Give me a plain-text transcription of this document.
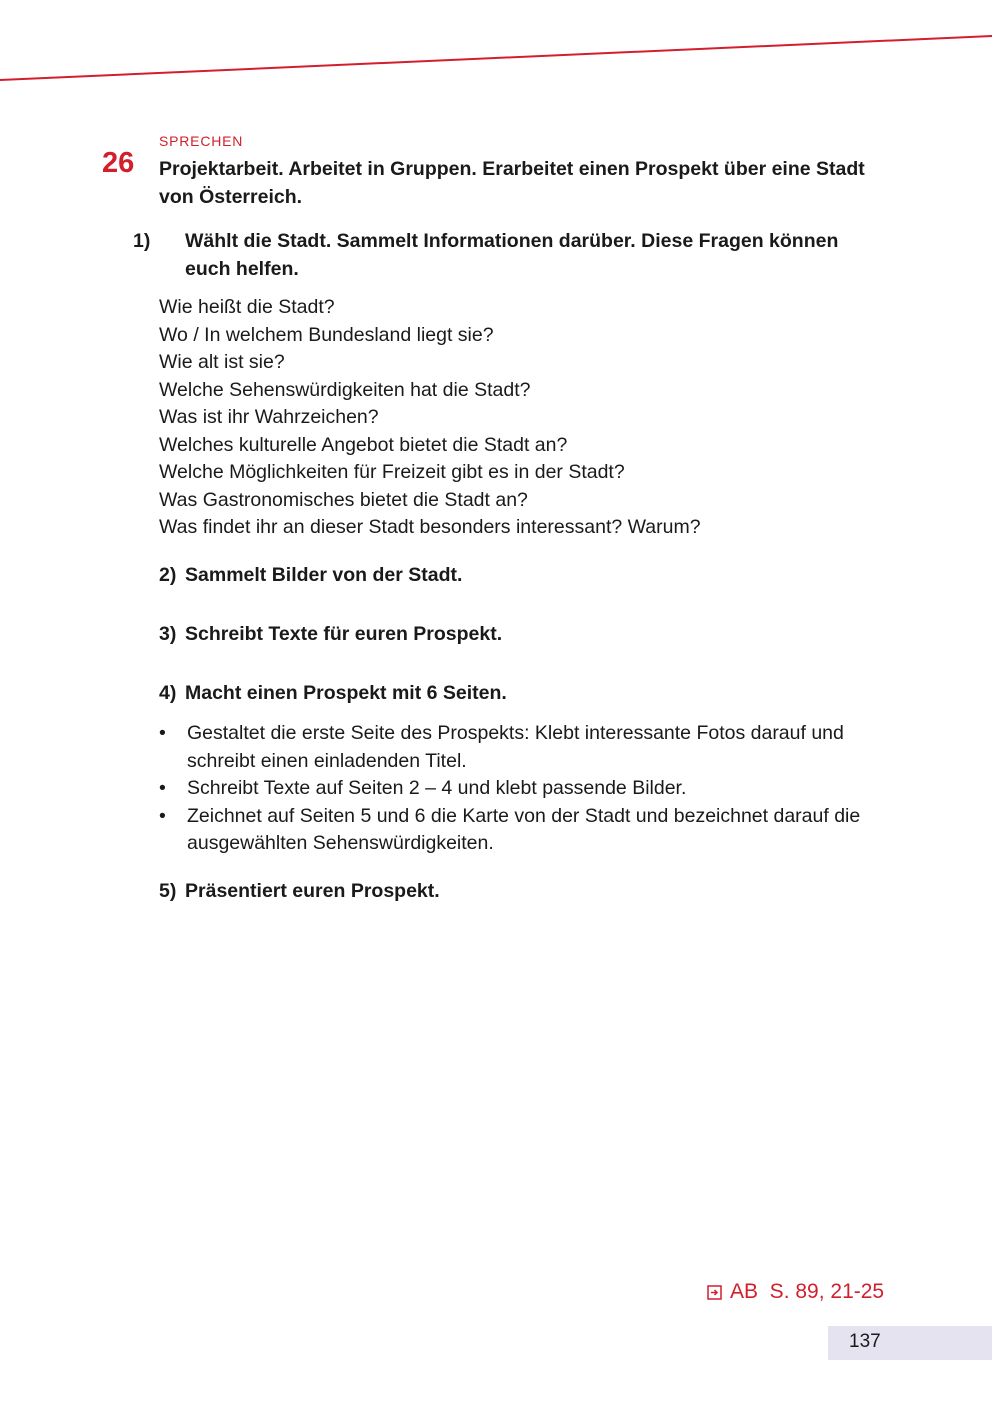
SPRECHEN
26 Projektarbeit. Arbeitet in Gruppen. Erarbeitet einen Prospekt über eine Stadt von Österreich.
1) Wählt die Stadt. Sammelt Informationen darüber. Diese Fragen können euch helfen.
Wie heißt die Stadt?
Wo / In welchem Bundesland liegt sie?
Wie alt ist sie?
Welche Sehenswürdigkeiten hat die Stadt?
Was ist ihr Wahrzeichen?
Welches kulturelle Angebot bietet die Stadt an?
Welche Möglichkeiten für Freizeit gibt es in der Stadt?
Was Gastronomisches bietet die Stadt an?
Was findet ihr an dieser Stadt besonders interessant? Warum?
2) Sammelt Bilder von der Stadt.
3) Schreibt Texte für euren Prospekt.
4) Macht einen Prospekt mit 6 Seiten.
• Gestaltet die erste Seite des Prospekts: Klebt interessante Fotos darauf und schreibt einen einladenden Titel.
• Schreibt Texte auf Seiten 2 – 4 und klebt passende Bilder.
• Zeichnet auf Seiten 5 und 6 die Karte von der Stadt und bezeichnet darauf die ausgewählten Sehenswürdigkeiten.
5) Präsentiert euren Prospekt.
AB  S. 89, 21-25
137
